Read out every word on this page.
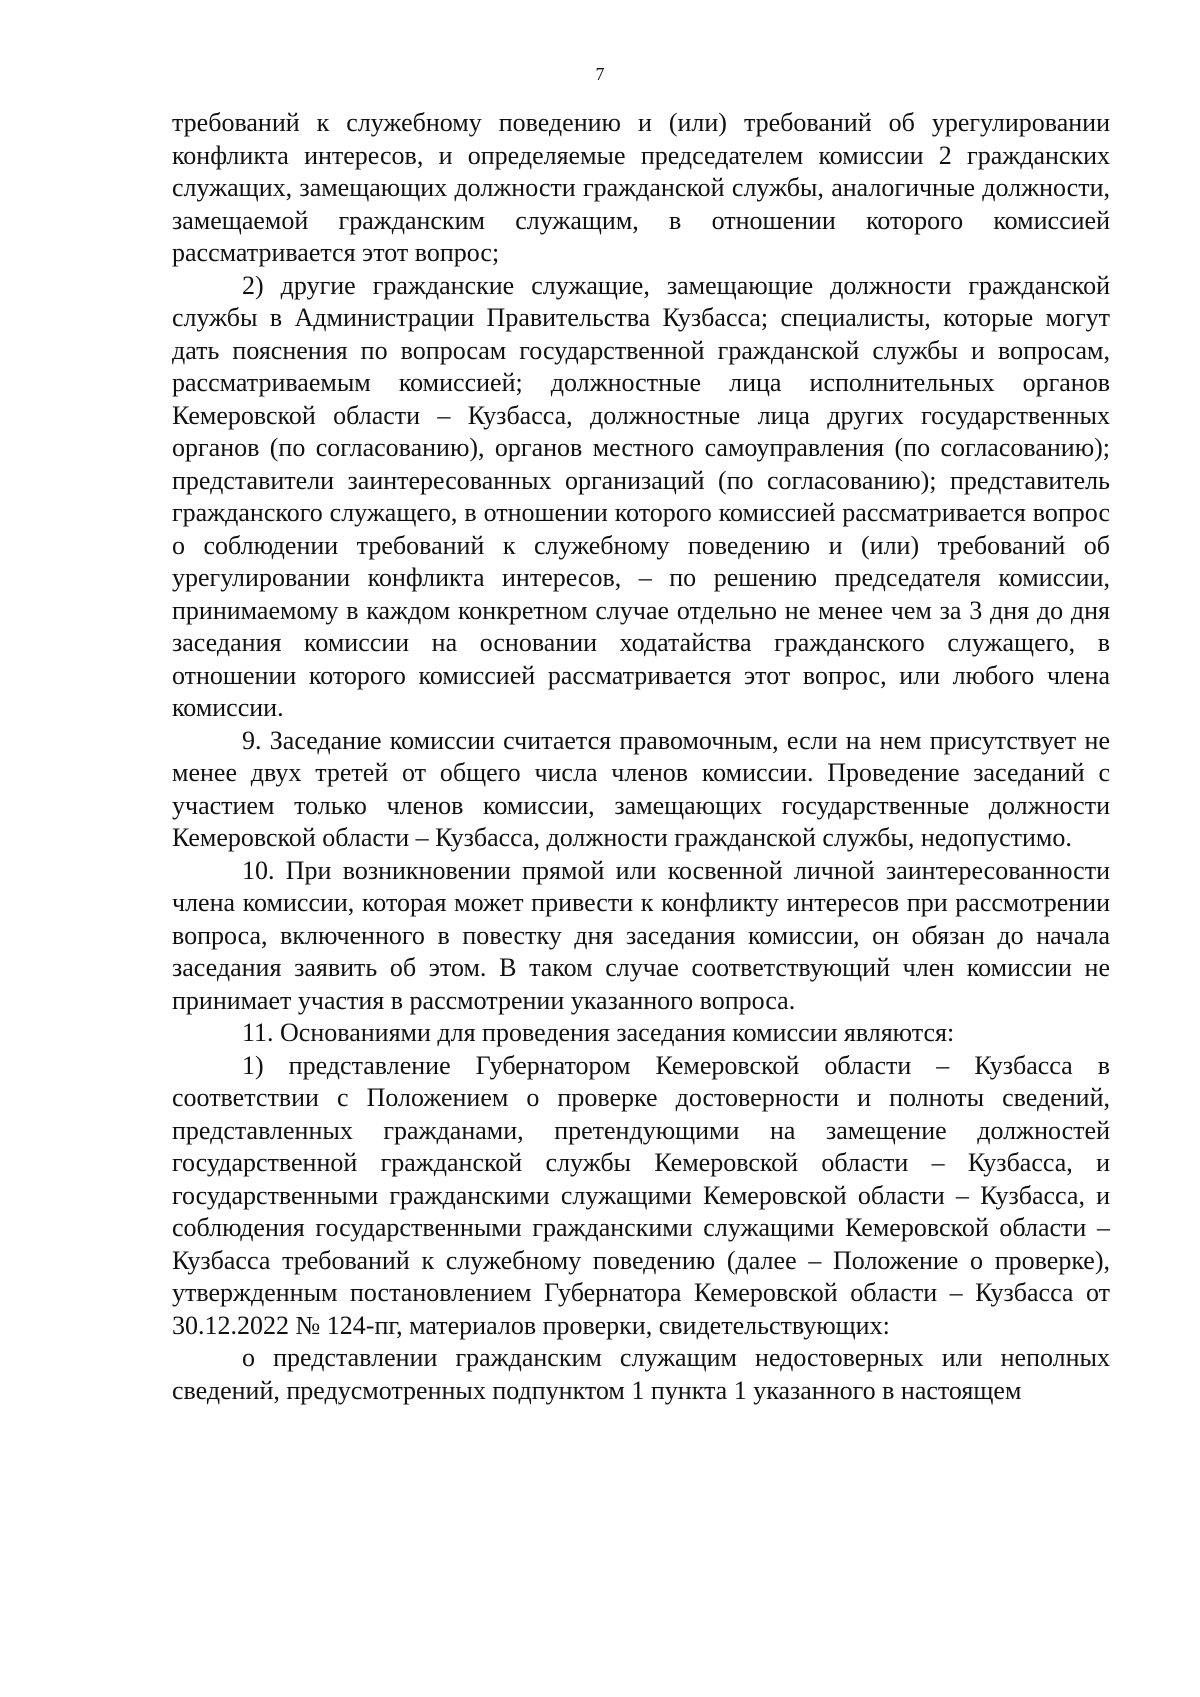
7

требований к служебному поведению и (или) требований об урегулировании конфликта интересов, и определяемые председателем комиссии 2 гражданских служащих, замещающих должности гражданской службы, аналогичные должности, замещаемой гражданским служащим, в отношении которого комиссией рассматривается этот вопрос;

2) другие гражданские служащие, замещающие должности гражданской службы в Администрации Правительства Кузбасса; специалисты, которые могут дать пояснения по вопросам государственной гражданской службы и вопросам, рассматриваемым комиссией; должностные лица исполнительных органов Кемеровской области – Кузбасса, должностные лица других государственных органов (по согласованию), органов местного самоуправления (по согласованию); представители заинтересованных организаций (по согласованию); представитель гражданского служащего, в отношении которого комиссией рассматривается вопрос о соблюдении требований к служебному поведению и (или) требований об урегулировании конфликта интересов, – по решению председателя комиссии, принимаемому в каждом конкретном случае отдельно не менее чем за 3 дня до дня заседания комиссии на основании ходатайства гражданского служащего, в отношении которого комиссией рассматривается этот вопрос, или любого члена комиссии.

9. Заседание комиссии считается правомочным, если на нем присутствует не менее двух третей от общего числа членов комиссии. Проведение заседаний с участием только членов комиссии, замещающих государственные должности Кемеровской области – Кузбасса, должности гражданской службы, недопустимо.

10. При возникновении прямой или косвенной личной заинтересованности члена комиссии, которая может привести к конфликту интересов при рассмотрении вопроса, включенного в повестку дня заседания комиссии, он обязан до начала заседания заявить об этом. В таком случае соответствующий член комиссии не принимает участия в рассмотрении указанного вопроса.

11. Основаниями для проведения заседания комиссии являются:

1) представление Губернатором Кемеровской области – Кузбасса в соответствии с Положением о проверке достоверности и полноты сведений, представленных гражданами, претендующими на замещение должностей государственной гражданской службы Кемеровской области – Кузбасса, и государственными гражданскими служащими Кемеровской области – Кузбасса, и соблюдения государственными гражданскими служащими Кемеровской области – Кузбасса требований к служебному поведению (далее – Положение о проверке), утвержденным постановлением Губернатора Кемеровской области – Кузбасса от 30.12.2022 № 124-пг, материалов проверки, свидетельствующих:

о представлении гражданским служащим недостоверных или неполных сведений, предусмотренных подпунктом 1 пункта 1 указанного в настоящем
